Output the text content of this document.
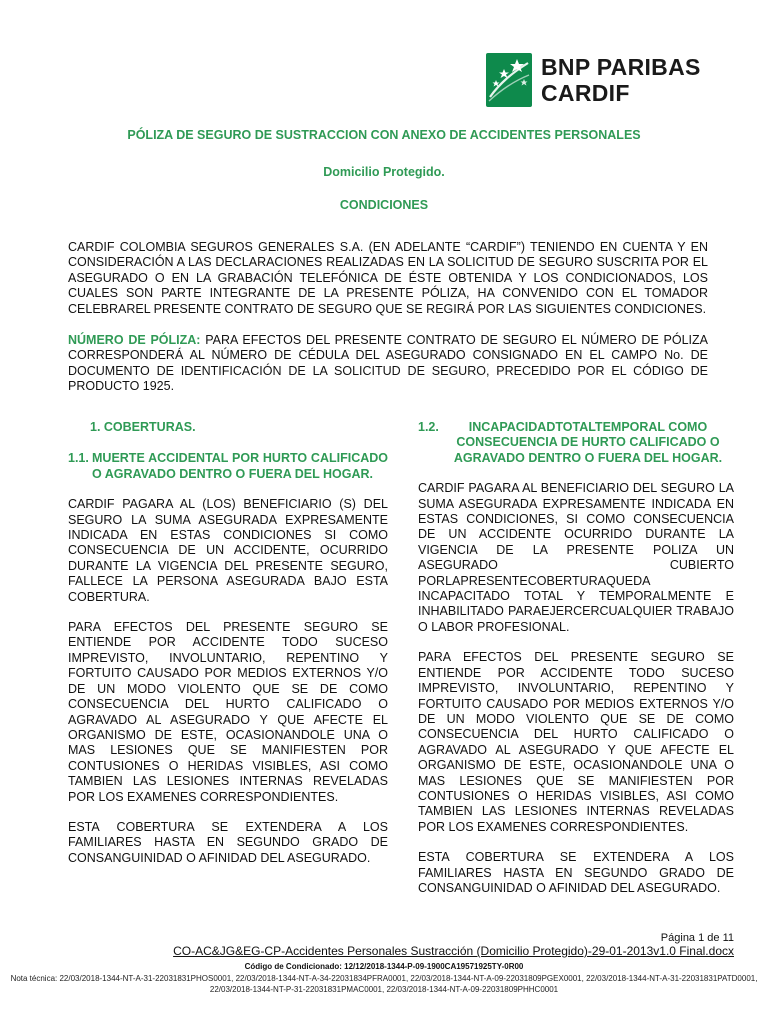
BNP PARIBAS
CARDIF
PÓLIZA DE SEGURO DE SUSTRACCION CON ANEXO DE ACCIDENTES PERSONALES
Domicilio Protegido.
CONDICIONES
CARDIF COLOMBIA SEGUROS GENERALES S.A. (EN ADELANTE “CARDIF”) TENIENDO EN CUENTA Y EN CONSIDERACIÓN A LAS DECLARACIONES REALIZADAS EN LA SOLICITUD DE SEGURO SUSCRITA POR EL ASEGURADO O EN LA GRABACIÓN TELEFÓNICA DE ÉSTE OBTENIDA Y LOS CONDICIONADOS, LOS CUALES SON PARTE INTEGRANTE DE LA PRESENTE PÓLIZA, HA CONVENIDO CON EL TOMADOR CELEBRAREL PRESENTE CONTRATO DE SEGURO QUE SE REGIRÁ POR LAS SIGUIENTES CONDICIONES.
NÚMERO DE PÓLIZA: PARA EFECTOS DEL PRESENTE CONTRATO DE SEGURO EL NÚMERO DE PÓLIZA CORRESPONDERÁ AL NÚMERO DE CÉDULA DEL ASEGURADO CONSIGNADO EN EL CAMPO No. DE DOCUMENTO DE IDENTIFICACIÓN DE LA SOLICITUD DE SEGURO, PRECEDIDO POR EL CÓDIGO DE PRODUCTO 1925.
1. COBERTURAS.
1.1. MUERTE ACCIDENTAL POR HURTO CALIFICADO O AGRAVADO DENTRO O FUERA DEL HOGAR.
CARDIF PAGARA AL (LOS) BENEFICIARIO (S) DEL SEGURO LA SUMA ASEGURADA EXPRESAMENTE INDICADA EN ESTAS CONDICIONES SI COMO CONSECUENCIA DE UN ACCIDENTE, OCURRIDO DURANTE LA VIGENCIA DEL PRESENTE SEGURO, FALLECE LA PERSONA ASEGURADA BAJO ESTA COBERTURA.
PARA EFECTOS DEL PRESENTE SEGURO SE ENTIENDE POR ACCIDENTE TODO SUCESO IMPREVISTO, INVOLUNTARIO, REPENTINO Y FORTUITO CAUSADO POR MEDIOS EXTERNOS Y/O DE UN MODO VIOLENTO QUE SE DE COMO CONSECUENCIA DEL HURTO CALIFICADO O AGRAVADO AL ASEGURADO Y QUE AFECTE EL ORGANISMO DE ESTE, OCASIONANDOLE UNA O MAS LESIONES QUE SE MANIFIESTEN POR CONTUSIONES O HERIDAS VISIBLES, ASI COMO TAMBIEN LAS LESIONES INTERNAS REVELADAS POR LOS EXAMENES CORRESPONDIENTES.
ESTA COBERTURA SE EXTENDERA A LOS FAMILIARES HASTA EN SEGUNDO GRADO DE CONSANGUINIDAD O AFINIDAD DEL ASEGURADO.
1.2.	INCAPACIDADTOTALTEMPORAL COMO CONSECUENCIA DE HURTO CALIFICADO O AGRAVADO DENTRO O FUERA DEL HOGAR.
CARDIF PAGARA AL BENEFICIARIO DEL SEGURO LA SUMA ASEGURADA EXPRESAMENTE INDICADA EN ESTAS CONDICIONES, SI COMO CONSECUENCIA DE UN ACCIDENTE OCURRIDO DURANTE LA VIGENCIA DE LA PRESENTE POLIZA UN ASEGURADO CUBIERTO PORLAPRESENTECOBERTURAQUEDA INCAPACITADO TOTAL Y TEMPORALMENTE E INHABILITADO PARAEJERCERCUALQUIER TRABAJO O LABOR PROFESIONAL.
PARA EFECTOS DEL PRESENTE SEGURO SE ENTIENDE POR ACCIDENTE TODO SUCESO IMPREVISTO, INVOLUNTARIO, REPENTINO Y FORTUITO CAUSADO POR MEDIOS EXTERNOS Y/O DE UN MODO VIOLENTO QUE SE DE COMO CONSECUENCIA DEL HURTO CALIFICADO O AGRAVADO AL ASEGURADO Y QUE AFECTE EL ORGANISMO DE ESTE, OCASIONANDOLE UNA O MAS LESIONES QUE SE MANIFIESTEN POR CONTUSIONES O HERIDAS VISIBLES, ASI COMO TAMBIEN LAS LESIONES INTERNAS REVELADAS POR LOS EXAMENES CORRESPONDIENTES.
ESTA COBERTURA SE EXTENDERA A LOS FAMILIARES HASTA EN SEGUNDO GRADO DE CONSANGUINIDAD O AFINIDAD DEL ASEGURADO.
Página 1 de 11
CO-AC&JG&EG-CP-Accidentes Personales Sustracción (Domicilio Protegido)-29-01-2013v1.0 Final.docx
Código de Condicionado: 12/12/2018-1344-P-09-1900CA19571925TY-0R00
Nota técnica: 22/03/2018-1344-NT-A-31-22031831PHOS0001, 22/03/2018-1344-NT-A-34-22031834PFRA0001, 22/03/2018-1344-NT-A-09-22031809PGEX0001, 22/03/2018-1344-NT-A-31-22031831PATD0001, 22/03/2018-1344-NT-P-31-22031831PMAC0001, 22/03/2018-1344-NT-A-09-22031809PHHC0001
